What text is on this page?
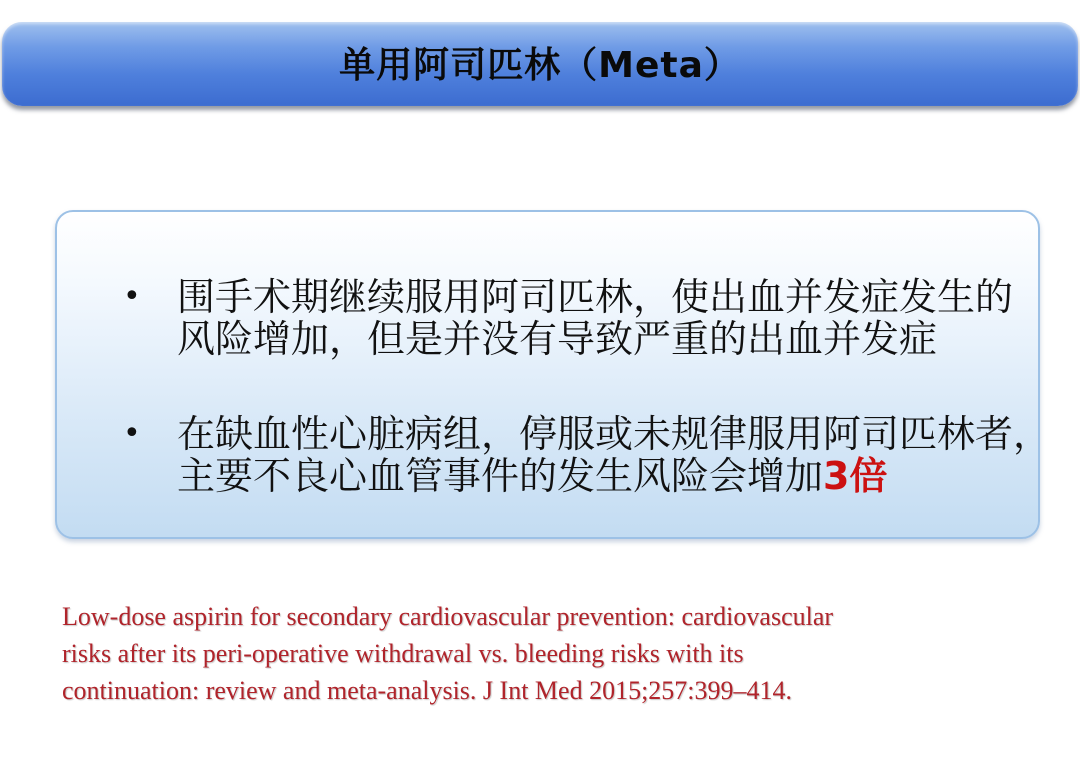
单用阿司匹林（Meta）
• 围手术期继续服用阿司匹林，使出血并发症发生的
风险增加，但是并没有导致严重的出血并发症
• 在缺血性心脏病组，停服或未规律服用阿司匹林者，
主要不良心血管事件的发生风险会增加3倍
Low-dose aspirin for secondary cardiovascular prevention: cardiovascular
risks after its peri-operative withdrawal vs. bleeding risks with its
continuation: review and meta-analysis. J Int Med 2015;257:399–414.
